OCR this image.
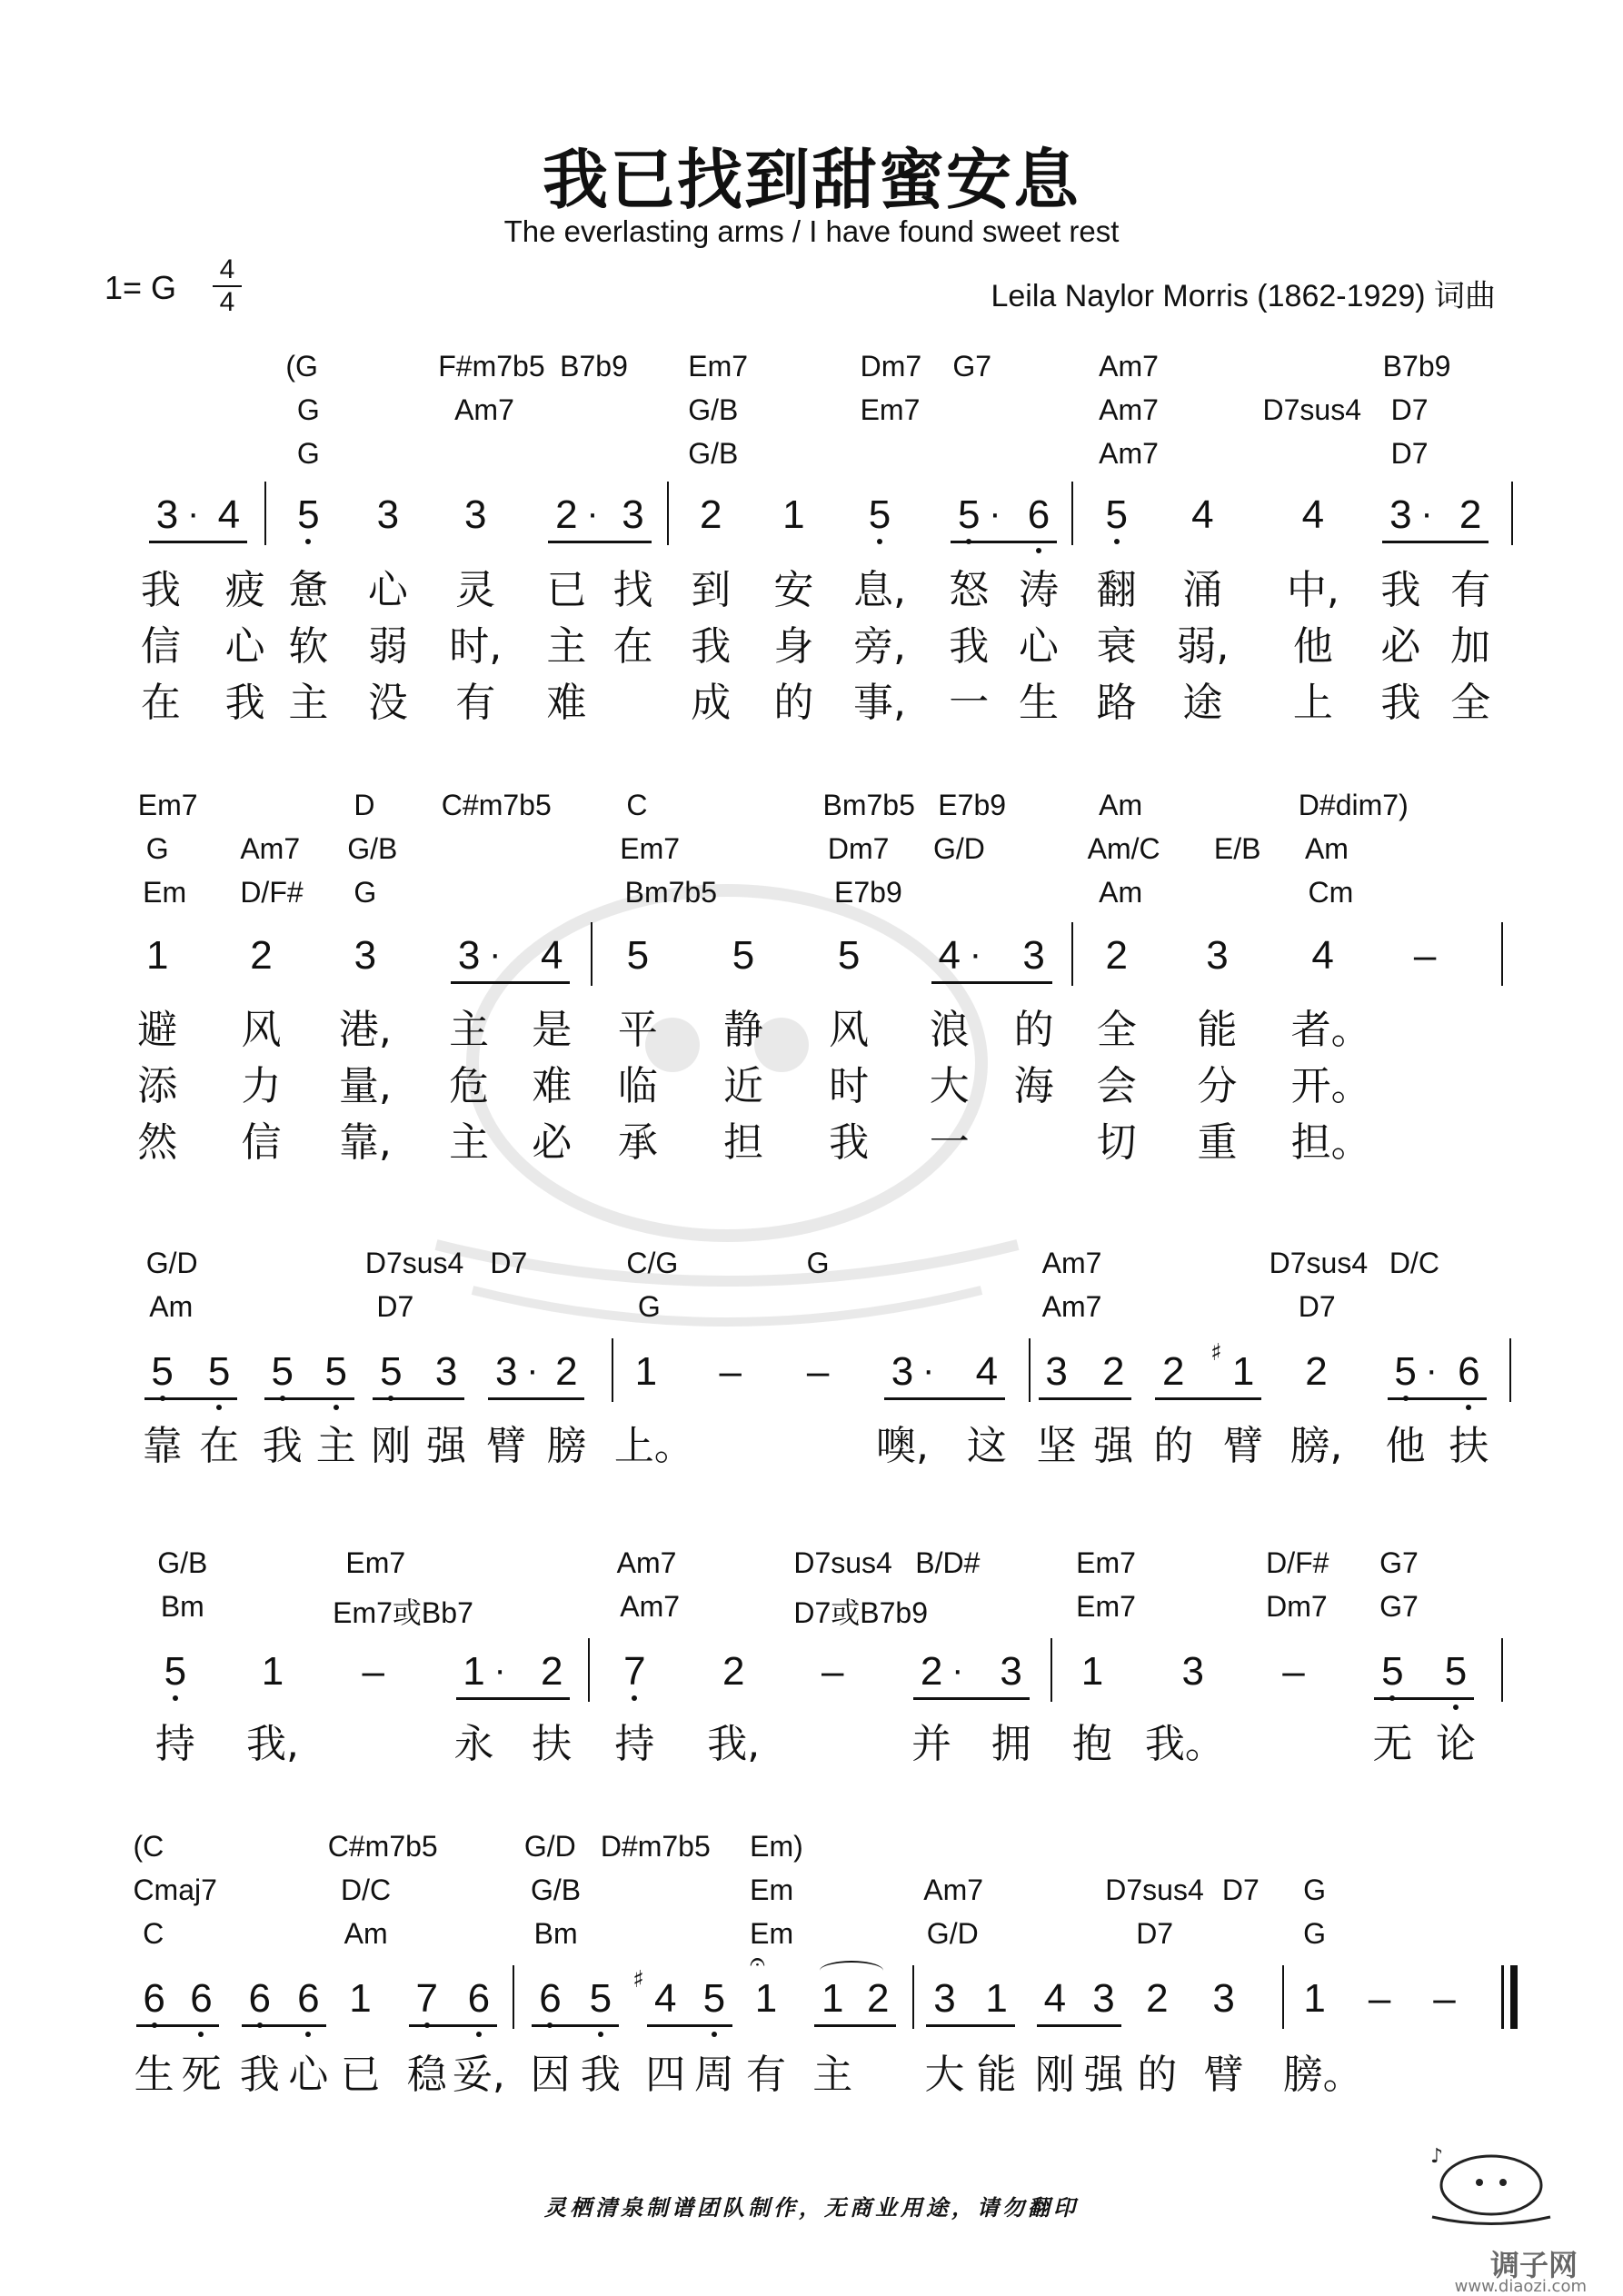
我已找到甜蜜安息
The everlasting arms / I have found sweet rest
1= G	4
4	Leila Naylor Morris (1862-1929) 词曲
(G	F#m7b5 B7b9 Em7	Dm7 G7	Am7	B7b9
G	Am7	G/B	Em7	Am7	D7sus4 D7
G	G/B	Am7	D7
3 · 4	5	3	3	2 · 3	2	1	5	5 · 6	5	4	4	3 · 2
我 疲 惫 心 灵 已 找 到 安 息, 怒 涛 翻 涌 中, 我 有
信 心 软 弱 时, 主 在 我 身 旁, 我 心 衰 弱, 他 必 加
在 我 主 没 有 难	成 的 事, 一 生 路 途 上 我 全
Em7	D C#m7b5	C	Bm7b5 E7b9	Am	D#dim7)
G Am7 G/B	Em7	Dm7 G/D	Am/C E/B Am
Em D/F# G	Bm7b5	E7b9	Am	Cm
1	2	3	3 · 4	5	5	5	4 ·	3	2	3	4	–
避 风 港, 主 是 平 静 风 浪 的 全 能 者。
添 力 量, 危 难 临 近 时 大 海 会 分 开。
然 信 靠, 主 必 承 担 我 一	切 重 担。
G/D	D7sus4 D7	C/G	G	Am7	D7sus4 D/C
Am	D7	G	Am7	D7
5 5	5 5 5 3 3 · 2	1	–	–	3 ·	4	3 2 2	1
♯	2	5 · 6
靠 在 我 主 刚 强 臂 膀 上。	噢, 这 坚 强 的 臂 膀, 他 扶
G/B	Em7	Am7	D7sus4 B/D#	Em7	D/F# G7
Bm	Em7或Bb7	Am7	D7或B7b9	Em7	Dm7 G7
5	1	–	1 · 2	7	2	–	2 · 3	1	3	–	5	5
持 我,	永 扶 持 我,	并 拥 抱 我。	无 论
(C	C#m7b5	G/D D#m7b5 Em)
Cmaj7	D/C	G/B	Em	Am7	D7sus4 D7 G
C	Am	Bm	Em	G/D	D7	G
6 6 6 6 1	7 6	6 5	4
♯	5 1	1 2	3 1 4 3 2	3	1	–	–
生 死 我 心 已 稳 妥, 因 我 四 周 有 主 大 能 刚 强 的 臂 膀。
𝄐
灵栖清泉制谱团队制作，无商业用途，请勿翻印
♪
调子网
www.diaozi.com
